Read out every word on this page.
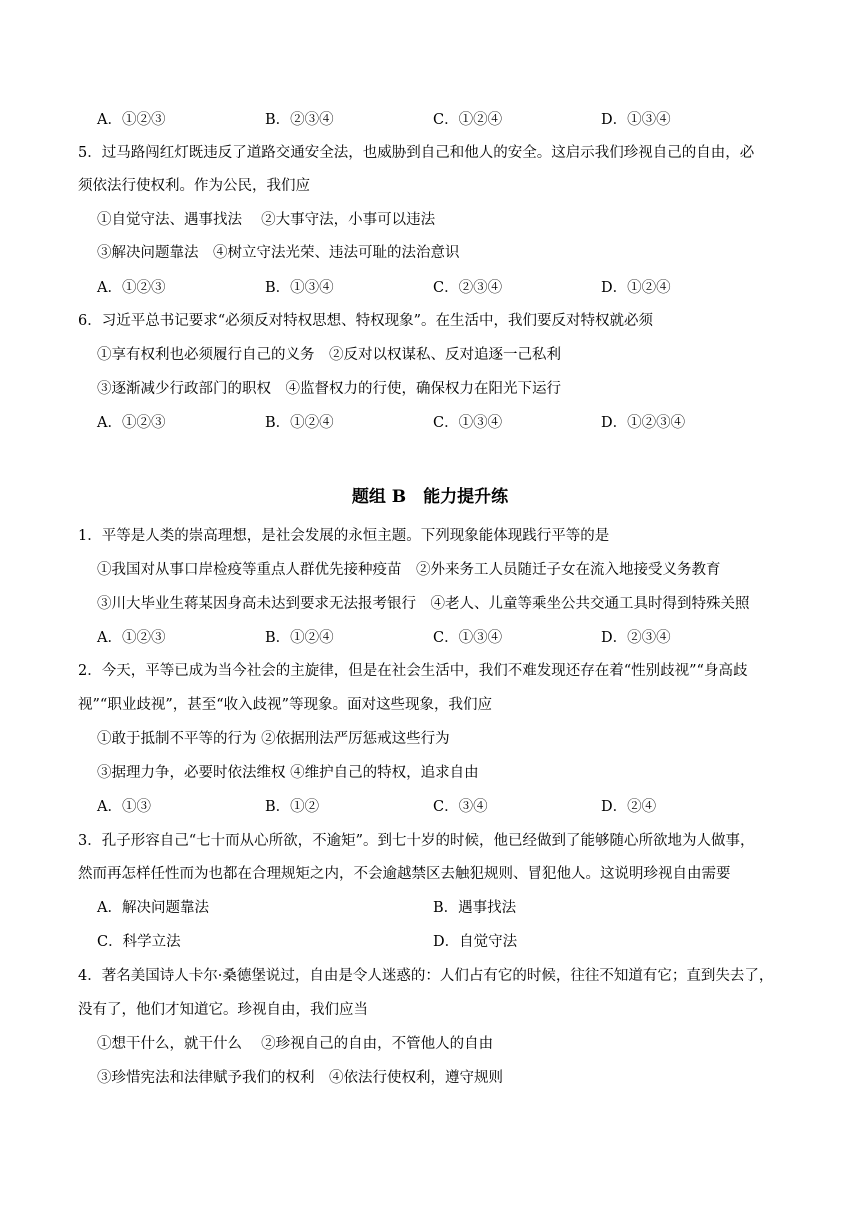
A．①②③	B．②③④	C．①②④	D．①③④
5．过马路闯红灯既违反了道路交通安全法，也威胁到自己和他人的安全。这启示我们珍视自己的自由，必
须依法行使权利。作为公民，我们应
①自觉守法、遇事找法　 ②大事守法，小事可以违法
③解决问题靠法　④树立守法光荣、违法可耻的法治意识
A．①②③	B．①③④	C．②③④	D．①②④
6．习近平总书记要求“必须反对特权思想、特权现象”。在生活中，我们要反对特权就必须
①享有权利也必须履行自己的义务　②反对以权谋私、反对追逐一己私利
③逐渐减少行政部门的职权　④监督权力的行使，确保权力在阳光下运行
A．①②③	B．①②④	C．①③④	D．①②③④
题组 B　能力提升练
1．平等是人类的崇高理想，是社会发展的永恒主题。下列现象能体现践行平等的是
①我国对从事口岸检疫等重点人群优先接种疫苗　②外来务工人员随迁子女在流入地接受义务教育
③川大毕业生蒋某因身高未达到要求无法报考银行　④老人、儿童等乘坐公共交通工具时得到特殊关照
A．①②③	B．①②④	C．①③④	D．②③④
2．今天，平等已成为当今社会的主旋律，但是在社会生活中，我们不难发现还存在着“性别歧视”“身高歧
视”“职业歧视”，甚至“收入歧视”等现象。面对这些现象，我们应
①敢于抵制不平等的行为 ②依据刑法严厉惩戒这些行为
③据理力争，必要时依法维权 ④维护自己的特权，追求自由
A．①③	B．①②	C．③④	D．②④
3．孔子形容自己“七十而从心所欲，不逾矩”。到七十岁的时候，他已经做到了能够随心所欲地为人做事，
然而再怎样任性而为也都在合理规矩之内，不会逾越禁区去触犯规则、冒犯他人。这说明珍视自由需要
A．解决问题靠法	B．遇事找法
C．科学立法	D．自觉守法
4．著名美国诗人卡尔·桑德堡说过，自由是令人迷惑的：人们占有它的时候，往往不知道有它；直到失去了，
没有了，他们才知道它。珍视自由，我们应当
①想干什么，就干什么　 ②珍视自己的自由，不管他人的自由
③珍惜宪法和法律赋予我们的权利　④依法行使权利，遵守规则
